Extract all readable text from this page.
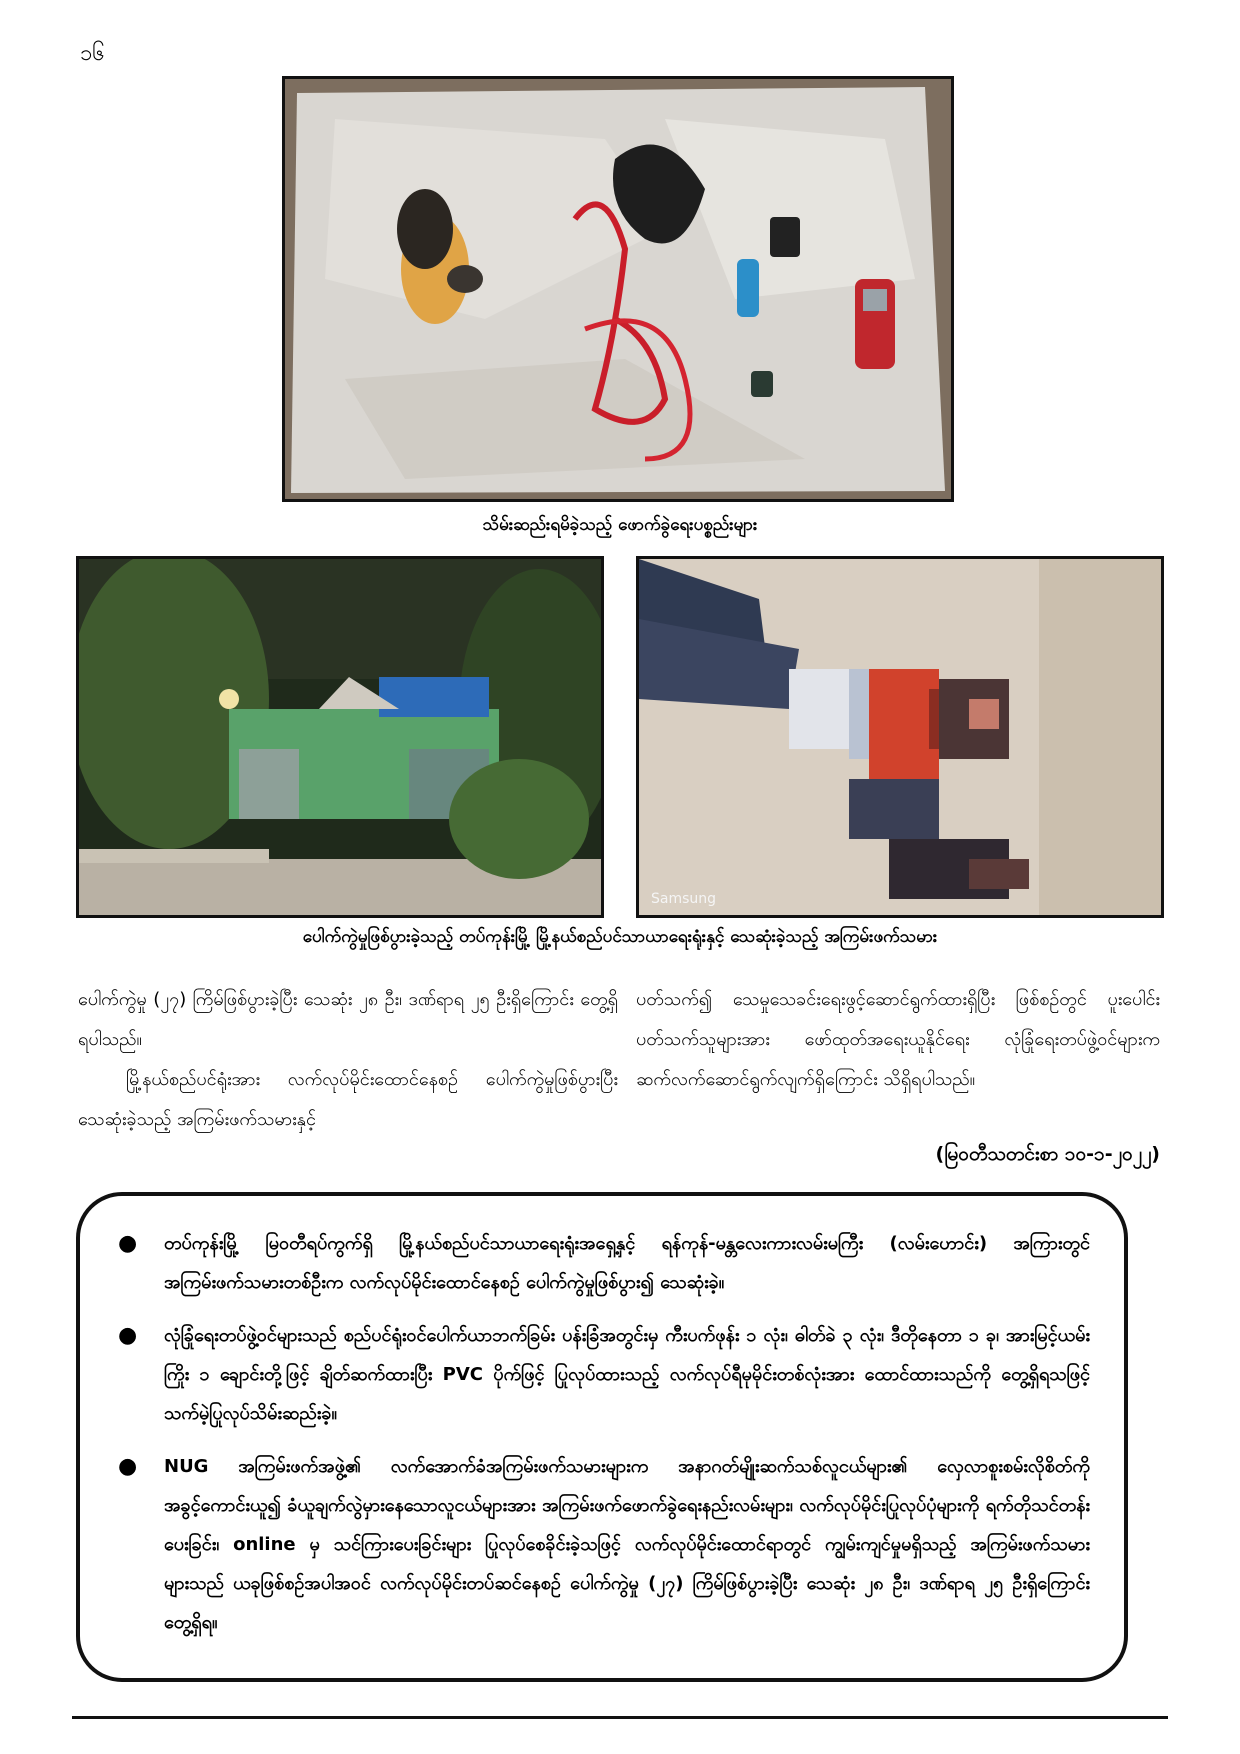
၁၆
သိမ်းဆည်းရမိခဲ့သည့် ဖောက်ခွဲရေးပစ္စည်းများ
Samsung
ပေါက်ကွဲမှုဖြစ်ပွားခဲ့သည့် တပ်ကုန်းမြို့ မြို့နယ်စည်ပင်သာယာရေးရုံးနှင့် သေဆုံးခဲ့သည့် အကြမ်းဖက်သမား

ပေါက်ကွဲမှု (၂၇) ကြိမ်ဖြစ်ပွားခဲ့ပြီး သေဆုံး ၂၈ ဦး၊ ဒဏ်ရာရ ၂၅ ဦးရှိကြောင်း တွေ့ရှိရပါသည်။

မြို့နယ်စည်ပင်ရုံးအား လက်လုပ်မိုင်းထောင်နေစဉ် ပေါက်ကွဲမှုဖြစ်ပွားပြီး သေဆုံးခဲ့သည့် အကြမ်းဖက်သမားနှင့်

ပတ်သက်၍ သေမှုသေခင်းရေးဖွင့်ဆောင်ရွက်ထားရှိပြီး ဖြစ်စဉ်တွင် ပူးပေါင်းပတ်သက်သူများအား ဖော်ထုတ်အရေးယူနိုင်ရေး လုံခြုံရေးတပ်ဖွဲ့ဝင်များက ဆက်လက်ဆောင်ရွက်လျက်ရှိကြောင်း သိရှိရပါသည်။

(မြဝတီသတင်းစာ ၁၀-၁-၂၀၂၂)
● တပ်ကုန်းမြို့ မြဝတီရပ်ကွက်ရှိ မြို့နယ်စည်ပင်သာယာရေးရုံးအရှေ့နှင့် ရန်ကုန်-မန္တလေးကားလမ်းမကြီး (လမ်းဟောင်း) အကြားတွင် အကြမ်းဖက်သမားတစ်ဦးက လက်လုပ်မိုင်းထောင်နေစဉ် ပေါက်ကွဲမှုဖြစ်ပွား၍ သေဆုံးခဲ့။
● လုံခြုံရေးတပ်ဖွဲ့ဝင်များသည် စည်ပင်ရုံးဝင်ပေါက်ယာဘက်ခြမ်း ပန်းခြံအတွင်းမှ ကီးပက်ဖုန်း ၁ လုံး၊ ဓါတ်ခဲ ၃ လုံး၊ ဒီတိုနေတာ ၁ ခု၊ အားမြင့်ယမ်းကြိုး ၁ ချောင်းတို့ဖြင့် ချိတ်ဆက်ထားပြီး PVC ပိုက်ဖြင့် ပြုလုပ်ထားသည့် လက်လုပ်ရီမုမိုင်းတစ်လုံးအား ထောင်ထားသည်ကို တွေ့ရှိရသဖြင့် သက်မဲ့ပြုလုပ်သိမ်းဆည်းခဲ့။
● NUG အကြမ်းဖက်အဖွဲ့၏ လက်အောက်ခံအကြမ်းဖက်သမားများက အနာဂတ်မျိုးဆက်သစ်လူငယ်များ၏ လှေလာစူးစမ်းလိုစိတ်ကို အခွင့်ကောင်းယူ၍ ခံယူချက်လွဲမှားနေသောလူငယ်များအား အကြမ်းဖက်ဖောက်ခွဲရေးနည်းလမ်းများ၊ လက်လုပ်မိုင်းပြုလုပ်ပုံများကို ရက်တိုသင်တန်းပေးခြင်း၊ online မှ သင်ကြားပေးခြင်းများ ပြုလုပ်စေခိုင်းခဲ့သဖြင့် လက်လုပ်မိုင်းထောင်ရာတွင် ကျွမ်းကျင်မှုမရှိသည့် အကြမ်းဖက်သမားများသည် ယခုဖြစ်စဉ်အပါအဝင် လက်လုပ်မိုင်းတပ်ဆင်နေစဉ် ပေါက်ကွဲမှု (၂၇) ကြိမ်ဖြစ်ပွားခဲ့ပြီး သေဆုံး ၂၈ ဦး၊ ဒဏ်ရာရ ၂၅ ဦးရှိကြောင်း တွေ့ရှိရ။
